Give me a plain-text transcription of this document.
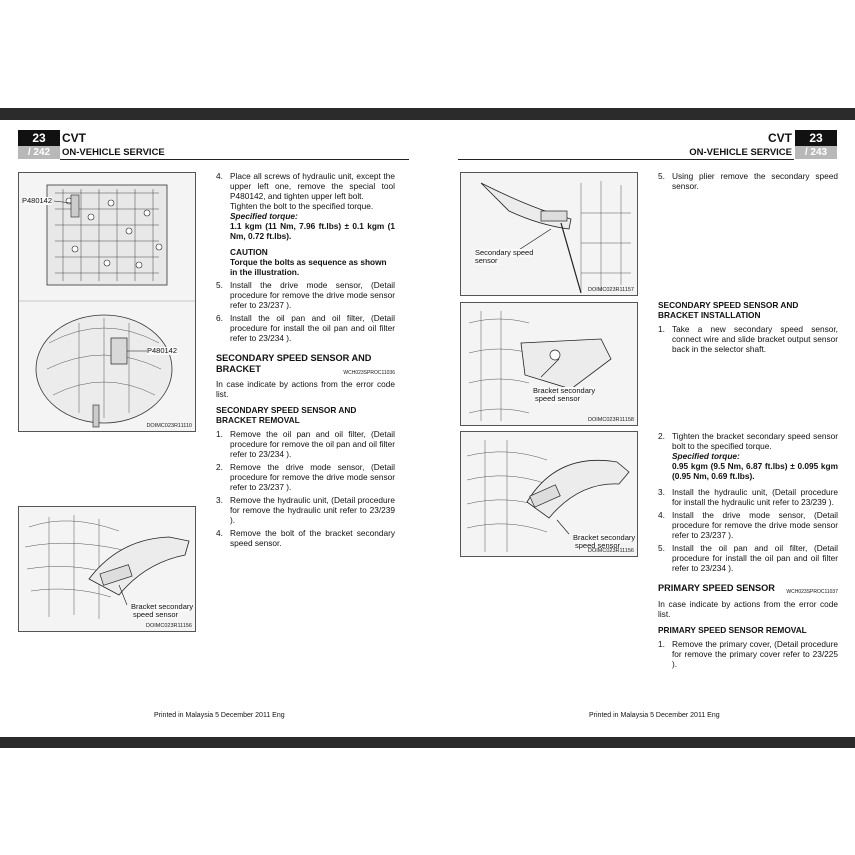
23
/ 242
CVT
ON-VEHICLE SERVICE
P480142
P480142
DOIMC023R11110
Bracket secondary
speed sensor
DOIMC023R11156
4. Place all screws of hydraulic unit, except the upper left one, remove the special tool P480142, and tighten upper left bolt.
Tighten the bolt to the specified torque.
Specified torque:
1.1 kgm (11 Nm, 7.96 ft.lbs) ± 0.1 kgm (1 Nm, 0.72 ft.lbs).
CAUTION
Torque the bolts as sequence as shown in the illustration.
5. Install the drive mode sensor, (Detail procedure for remove the drive mode sensor refer to 23/237 ).
6. Install the oil pan and oil filter, (Detail procedure for install the oil pan and oil filter refer to 23/234 ).
SECONDARY SPEED SENSOR AND BRACKET	WCH023SPROC11036

In case indicate by actions from the error code list.

SECONDARY SPEED SENSOR AND BRACKET REMOVAL
1. Remove the oil pan and oil filter, (Detail procedure for remove the oil pan and oil filter refer to 23/234 ).
2. Remove the drive mode sensor, (Detail procedure for remove the drive mode sensor refer to 23/237 ).
3. Remove the hydraulic unit, (Detail procedure for remove the hydraulic unit refer to 23/239 ).
4. Remove the bolt of the bracket secondary speed sensor.
Printed in Malaysia 5 December 2011 Eng
23
/ 243
CVT
ON-VEHICLE SERVICE
Secondary speed
sensor
DOIMC023R11157
Bracket secondary
speed sensor
DOIMC023R11158
Bracket secondary
speed sensor
DOIMC023R11156
5. Using plier remove the secondary speed sensor.
SECONDARY SPEED SENSOR AND BRACKET INSTALLATION
1. Take a new secondary speed sensor, connect wire and slide bracket output sensor back in the selector shaft.
2. Tighten the bracket secondary speed sensor bolt to the specified torque.
Specified torque:
0.95 kgm (9.5 Nm, 6.87 ft.lbs) ± 0.095 kgm (0.95 Nm, 0.69 ft.lbs).
3. Install the hydraulic unit, (Detail procedure for install the hydraulic unit refer to 23/239 ).
4. Install the drive mode sensor, (Detail procedure for remove the drive mode sensor refer to 23/237 ).
5. Install the oil pan and oil filter, (Detail procedure for install the oil pan and oil filter refer to 23/234 ).
PRIMARY SPEED SENSOR WCH023SPROC11037

In case indicate by actions from the error code list.

PRIMARY SPEED SENSOR REMOVAL
1. Remove the primary cover, (Detail procedure for remove the primary cover refer to 23/225 ).
Printed in Malaysia 5 December 2011 Eng
